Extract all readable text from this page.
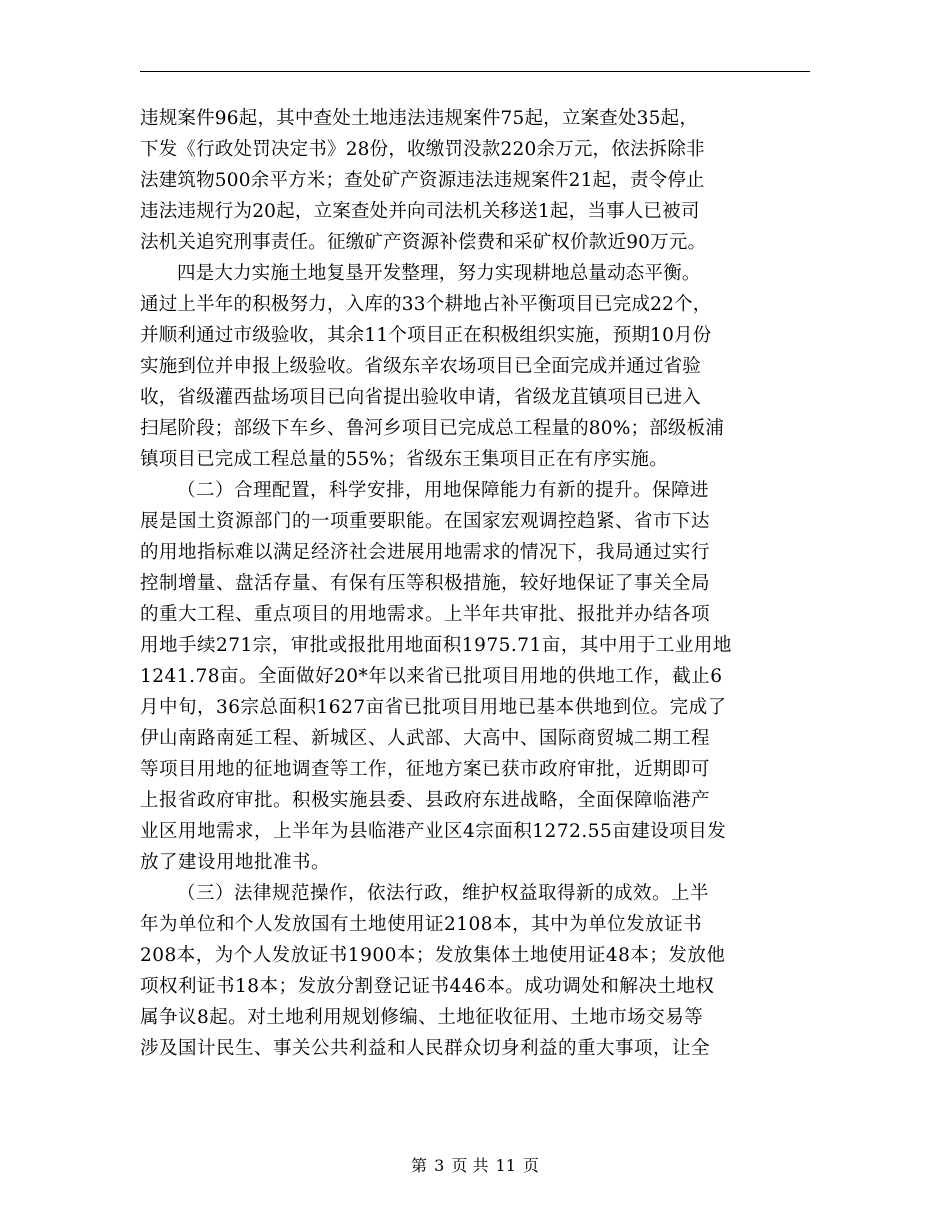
违规案件96起，其中查处土地违法违规案件75起，立案查处35起，
下发《行政处罚决定书》28份，收缴罚没款220余万元，依法拆除非
法建筑物500余平方米；查处矿产资源违法违规案件21起，责令停止
违法违规行为20起，立案查处并向司法机关移送1起，当事人已被司
法机关追究刑事责任。征缴矿产资源补偿费和采矿权价款近90万元。
四是大力实施土地复垦开发整理，努力实现耕地总量动态平衡。
通过上半年的积极努力，入库的33个耕地占补平衡项目已完成22个，
并顺利通过市级验收，其余11个项目正在积极组织实施，预期10月份
实施到位并申报上级验收。省级东辛农场项目已全面完成并通过省验
收，省级灌西盐场项目已向省提出验收申请，省级龙苴镇项目已进入
扫尾阶段；部级下车乡、鲁河乡项目已完成总工程量的80%；部级板浦
镇项目已完成工程总量的55%；省级东王集项目正在有序实施。
（二）合理配置，科学安排，用地保障能力有新的提升。保障进
展是国土资源部门的一项重要职能。在国家宏观调控趋紧、省市下达
的用地指标难以满足经济社会进展用地需求的情况下，我局通过实行
控制增量、盘活存量、有保有压等积极措施，较好地保证了事关全局
的重大工程、重点项目的用地需求。上半年共审批、报批并办结各项
用地手续271宗，审批或报批用地面积1975.71亩，其中用于工业用地
1241.78亩。全面做好20*年以来省已批项目用地的供地工作，截止6
月中旬，36宗总面积1627亩省已批项目用地已基本供地到位。完成了
伊山南路南延工程、新城区、人武部、大高中、国际商贸城二期工程
等项目用地的征地调查等工作，征地方案已获市政府审批，近期即可
上报省政府审批。积极实施县委、县政府东进战略，全面保障临港产
业区用地需求，上半年为县临港产业区4宗面积1272.55亩建设项目发
放了建设用地批准书。
（三）法律规范操作，依法行政，维护权益取得新的成效。上半
年为单位和个人发放国有土地使用证2108本，其中为单位发放证书
208本，为个人发放证书1900本；发放集体土地使用证48本；发放他
项权利证书18本；发放分割登记证书446本。成功调处和解决土地权
属争议8起。对土地利用规划修编、土地征收征用、土地市场交易等
涉及国计民生、事关公共利益和人民群众切身利益的重大事项，让全
第 3 页 共 11 页
